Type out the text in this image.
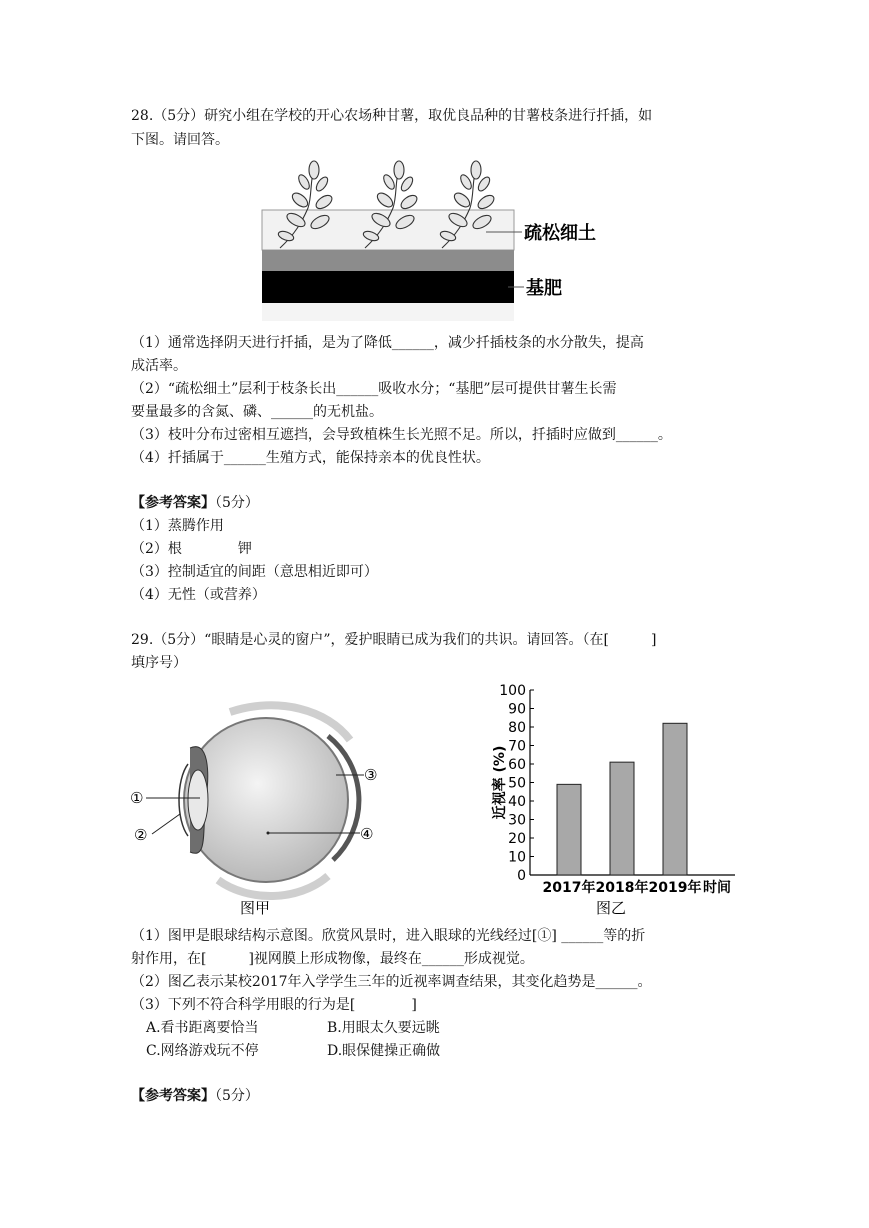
28.（5分）研究小组在学校的开心农场种甘薯，取优良品种的甘薯枝条进行扦插，如
下图。请回答。
疏松细土
基肥
（1）通常选择阴天进行扦插，是为了降低______，减少扦插枝条的水分散失，提高
成活率。
（2）“疏松细土”层利于枝条长出______吸收水分；“基肥”层可提供甘薯生长需
要量最多的含氮、磷、______的无机盐。
（3）枝叶分布过密相互遮挡，会导致植株生长光照不足。所以，扦插时应做到______。
（4）扦插属于______生殖方式，能保持亲本的优良性状。
【参考答案】（5分）
（1）蒸腾作用
（2）根　　　　钾
（3）控制适宜的间距（意思相近即可）
（4）无性（或营养）
29.（5分）“眼睛是心灵的窗户”，爱护眼睛已成为我们的共识。请回答。（在[　　　]
填序号）
①
②
③
④
图甲
近视率 (%)
0
10
20
30
40
50
60
70
80
90
100
2017年 2018年 2019年 时间
图乙
（1）图甲是眼球结构示意图。欣赏风景时，进入眼球的光线经过[①] ______等的折
射作用，在[　　　]视网膜上形成物像，最终在______形成视觉。
（2）图乙表示某校2017年入学学生三年的近视率调查结果，其变化趋势是______。
（3）下列不符合科学用眼的行为是[　　　　]
A.看书距离要恰当	B.用眼太久要远眺
C.网络游戏玩不停	D.眼保健操正确做
【参考答案】（5分）
